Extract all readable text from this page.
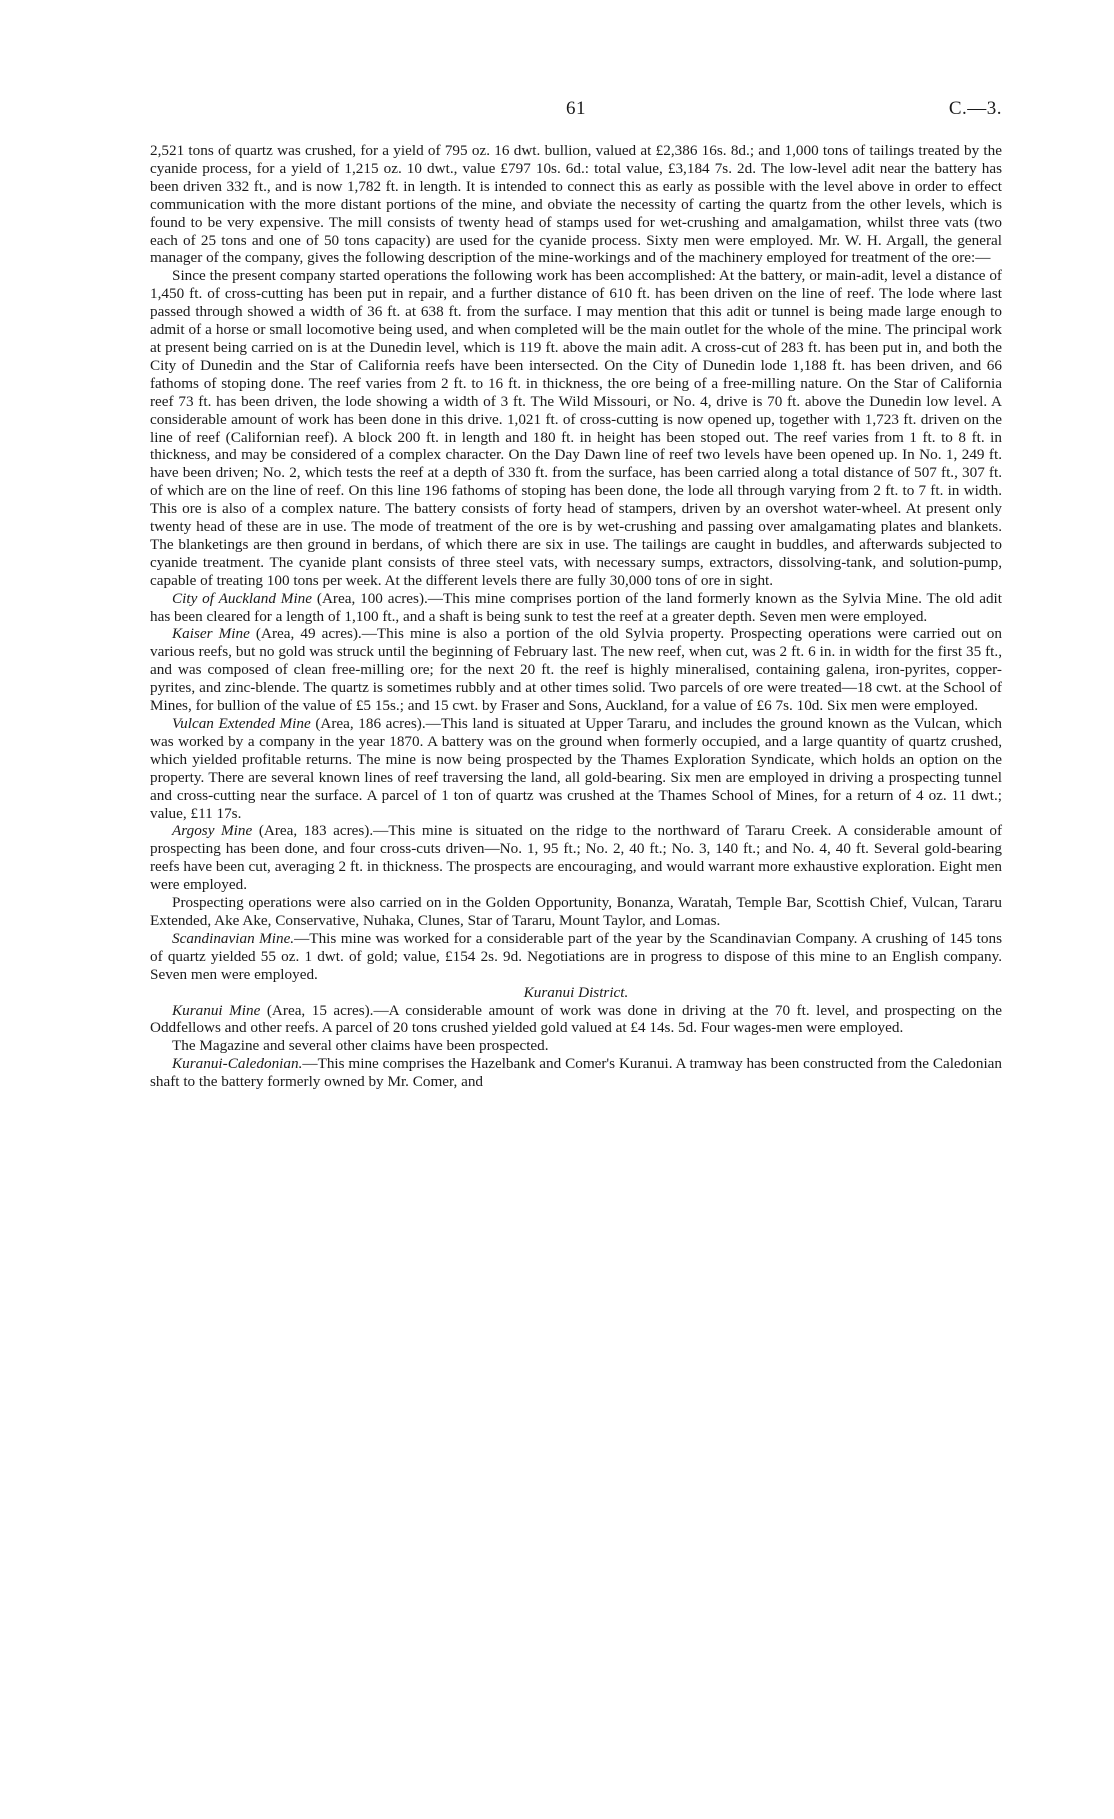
61	C.—3.

2,521 tons of quartz was crushed, for a yield of 795 oz. 16 dwt. bullion, valued at £2,386 16s. 8d.; and 1,000 tons of tailings treated by the cyanide process, for a yield of 1,215 oz. 10 dwt., value £797 10s. 6d.: total value, £3,184 7s. 2d. The low-level adit near the battery has been driven 332 ft., and is now 1,782 ft. in length. It is intended to connect this as early as possible with the level above in order to effect communication with the more distant portions of the mine, and obviate the necessity of carting the quartz from the other levels, which is found to be very expensive. The mill consists of twenty head of stamps used for wet-crushing and amalgamation, whilst three vats (two each of 25 tons and one of 50 tons capacity) are used for the cyanide process. Sixty men were employed. Mr. W. H. Argall, the general manager of the company, gives the following description of the mine-workings and of the machinery employed for treatment of the ore:—

Since the present company started operations the following work has been accomplished: At the battery, or main-adit, level a distance of 1,450 ft. of cross-cutting has been put in repair, and a further distance of 610 ft. has been driven on the line of reef. The lode where last passed through showed a width of 36 ft. at 638 ft. from the surface. I may mention that this adit or tunnel is being made large enough to admit of a horse or small locomotive being used, and when completed will be the main outlet for the whole of the mine. The principal work at present being carried on is at the Dunedin level, which is 119 ft. above the main adit. A cross-cut of 283 ft. has been put in, and both the City of Dunedin and the Star of California reefs have been intersected. On the City of Dunedin lode 1,188 ft. has been driven, and 66 fathoms of stoping done. The reef varies from 2 ft. to 16 ft. in thickness, the ore being of a free-milling nature. On the Star of California reef 73 ft. has been driven, the lode showing a width of 3 ft. The Wild Missouri, or No. 4, drive is 70 ft. above the Dunedin low level. A considerable amount of work has been done in this drive. 1,021 ft. of cross-cutting is now opened up, together with 1,723 ft. driven on the line of reef (Californian reef). A block 200 ft. in length and 180 ft. in height has been stoped out. The reef varies from 1 ft. to 8 ft. in thickness, and may be considered of a complex character. On the Day Dawn line of reef two levels have been opened up. In No. 1, 249 ft. have been driven; No. 2, which tests the reef at a depth of 330 ft. from the surface, has been carried along a total distance of 507 ft., 307 ft. of which are on the line of reef. On this line 196 fathoms of stoping has been done, the lode all through varying from 2 ft. to 7 ft. in width. This ore is also of a complex nature. The battery consists of forty head of stampers, driven by an overshot water-wheel. At present only twenty head of these are in use. The mode of treatment of the ore is by wet-crushing and passing over amalgamating plates and blankets. The blanketings are then ground in berdans, of which there are six in use. The tailings are caught in buddles, and afterwards subjected to cyanide treatment. The cyanide plant consists of three steel vats, with necessary sumps, extractors, dissolving-tank, and solution-pump, capable of treating 100 tons per week. At the different levels there are fully 30,000 tons of ore in sight.

City of Auckland Mine (Area, 100 acres).—This mine comprises portion of the land formerly known as the Sylvia Mine. The old adit has been cleared for a length of 1,100 ft., and a shaft is being sunk to test the reef at a greater depth. Seven men were employed.

Kaiser Mine (Area, 49 acres).—This mine is also a portion of the old Sylvia property. Prospecting operations were carried out on various reefs, but no gold was struck until the beginning of February last. The new reef, when cut, was 2 ft. 6 in. in width for the first 35 ft., and was composed of clean free-milling ore; for the next 20 ft. the reef is highly mineralised, containing galena, iron-pyrites, copper-pyrites, and zinc-blende. The quartz is sometimes rubbly and at other times solid. Two parcels of ore were treated—18 cwt. at the School of Mines, for bullion of the value of £5 15s.; and 15 cwt. by Fraser and Sons, Auckland, for a value of £6 7s. 10d. Six men were employed.

Vulcan Extended Mine (Area, 186 acres).—This land is situated at Upper Tararu, and includes the ground known as the Vulcan, which was worked by a company in the year 1870. A battery was on the ground when formerly occupied, and a large quantity of quartz crushed, which yielded profitable returns. The mine is now being prospected by the Thames Exploration Syndicate, which holds an option on the property. There are several known lines of reef traversing the land, all gold-bearing. Six men are employed in driving a prospecting tunnel and cross-cutting near the surface. A parcel of 1 ton of quartz was crushed at the Thames School of Mines, for a return of 4 oz. 11 dwt.; value, £11 17s.

Argosy Mine (Area, 183 acres).—This mine is situated on the ridge to the northward of Tararu Creek. A considerable amount of prospecting has been done, and four cross-cuts driven—No. 1, 95 ft.; No. 2, 40 ft.; No. 3, 140 ft.; and No. 4, 40 ft. Several gold-bearing reefs have been cut, averaging 2 ft. in thickness. The prospects are encouraging, and would warrant more exhaustive exploration. Eight men were employed.

Prospecting operations were also carried on in the Golden Opportunity, Bonanza, Waratah, Temple Bar, Scottish Chief, Vulcan, Tararu Extended, Ake Ake, Conservative, Nuhaka, Clunes, Star of Tararu, Mount Taylor, and Lomas.

Scandinavian Mine.—This mine was worked for a considerable part of the year by the Scandinavian Company. A crushing of 145 tons of quartz yielded 55 oz. 1 dwt. of gold; value, £154 2s. 9d. Negotiations are in progress to dispose of this mine to an English company. Seven men were employed.

Kuranui District.

Kuranui Mine (Area, 15 acres).—A considerable amount of work was done in driving at the 70 ft. level, and prospecting on the Oddfellows and other reefs. A parcel of 20 tons crushed yielded gold valued at £4 14s. 5d. Four wages-men were employed.

The Magazine and several other claims have been prospected.

Kuranui-Caledonian.—This mine comprises the Hazelbank and Comer's Kuranui. A tramway has been constructed from the Caledonian shaft to the battery formerly owned by Mr. Comer, and
